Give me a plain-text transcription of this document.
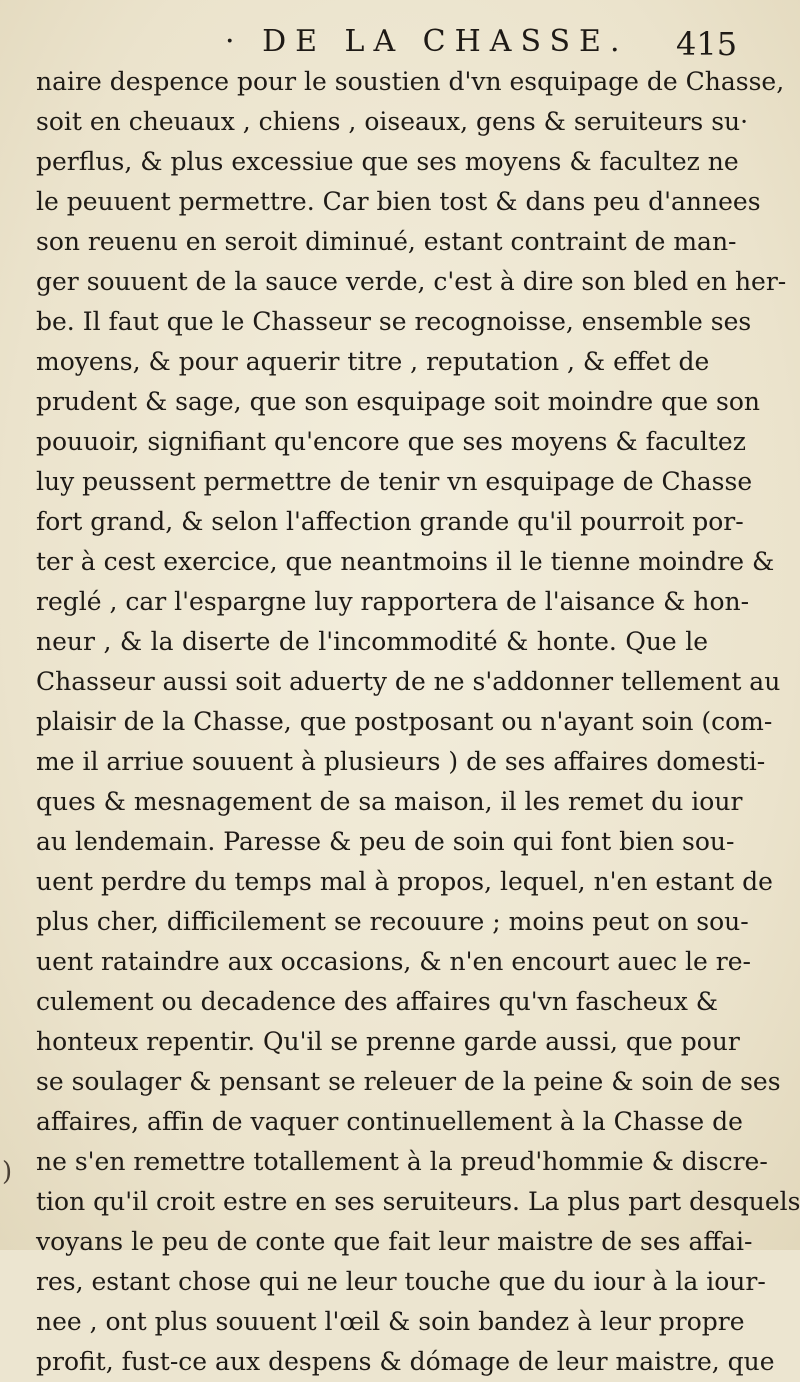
· DE LA CHASSE. 415
)
naire despence pour le soustien d'vn esquipage de Chasse,
soit en cheuaux , chiens , oiseaux, gens & seruiteurs su·
perflus, & plus excessiue que ses moyens & facultez ne
le peuuent permettre. Car bien tost & dans peu d'annees
son reuenu en seroit diminué, estant contraint de man-
ger souuent de la sauce verde, c'est à dire son bled en her-
be. Il faut que le Chasseur se recognoisse, ensemble ses
moyens, & pour aquerir titre , reputation , & effet de
prudent & sage, que son esquipage soit moindre que son
pouuoir, signifiant qu'encore que ses moyens & facultez
luy peussent permettre de tenir vn esquipage de Chasse
fort grand, & selon l'affection grande qu'il pourroit por-
ter à cest exercice, que neantmoins il le tienne moindre &
reglé , car l'espargne luy rapportera de l'aisance & hon-
neur , & la diserte de l'incommodité & honte. Que le
Chasseur aussi soit aduerty de ne s'addonner tellement au
plaisir de la Chasse, que postposant ou n'ayant soin (com-
me il arriue souuent à plusieurs ) de ses affaires domesti-
ques & mesnagement de sa maison, il les remet du iour
au lendemain. Paresse & peu de soin qui font bien sou-
uent perdre du temps mal à propos, lequel, n'en estant de
plus cher, difficilement se recouure ; moins peut on sou-
uent rataindre aux occasions, & n'en encourt auec le re-
culement ou decadence des affaires qu'vn fascheux &
honteux repentir. Qu'il se prenne garde aussi, que pour
se soulager & pensant se releuer de la peine & soin de ses
affaires, affin de vaquer continuellement à la Chasse de
ne s'en remettre totallement à la preud'hommie & discre-
tion qu'il croit estre en ses seruiteurs. La plus part desquels
voyans le peu de conte que fait leur maistre de ses affai-
res, estant chose qui ne leur touche que du iour à la iour-
nee , ont plus souuent l'œil & soin bandez à leur propre
profit, fust-ce aux despens & dómage de leur maistre, que
